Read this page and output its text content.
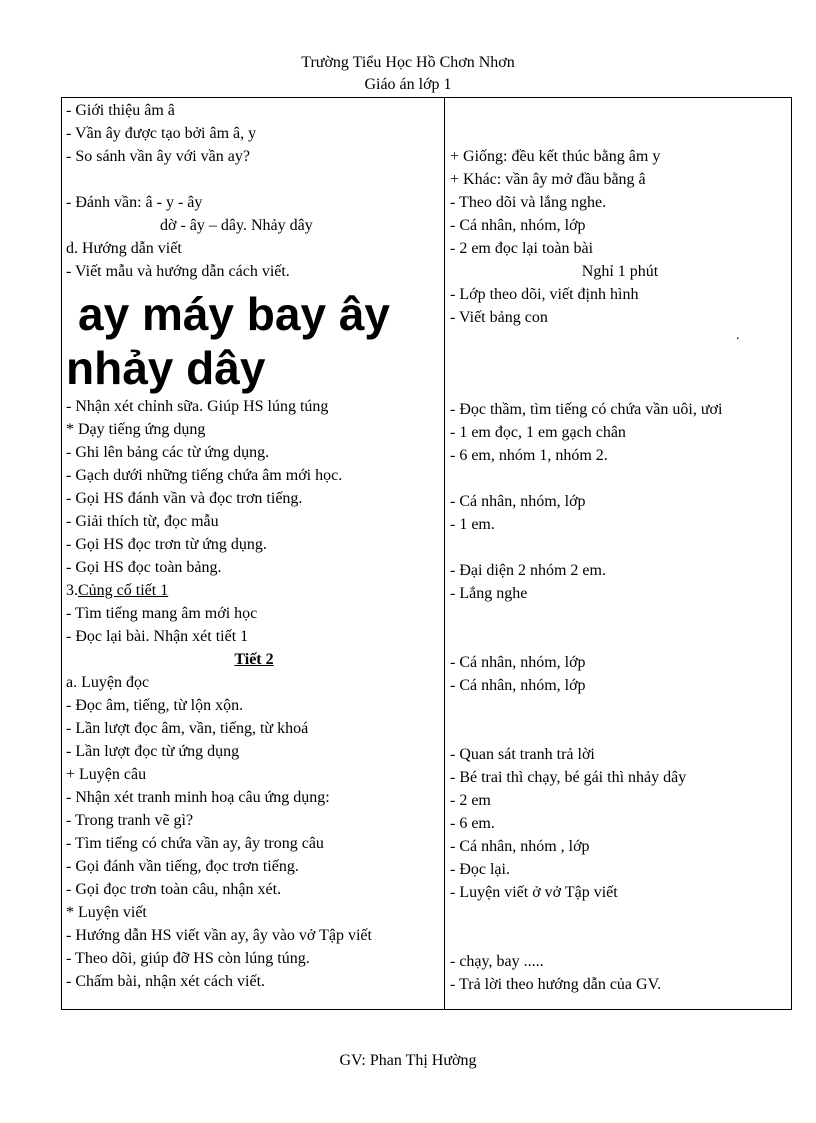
Trường Tiểu Học Hồ Chơn Nhơn
Giáo án lớp 1
- Giới thiệu âm â
- Vần ây được tạo bởi âm â, y
- So sánh vần ây với vần ay?
- Đánh vần: â - y - ây
dờ - ây – dây. Nhảy dây
d. Hướng dẫn viết
- Viết mẫu và hướng dẫn cách viết.
ay máy bay ây
nhảy dây
- Nhận xét chỉnh sữa. Giúp HS lúng túng
* Dạy tiếng ứng dụng
- Ghi lên bảng các từ ứng dụng.
- Gạch dưới những tiếng chứa âm mới học.
- Gọi HS đánh vần và đọc trơn tiếng.
- Giải thích từ, đọc mẫu
- Gọi HS đọc trơn từ ứng dụng.
- Gọi HS đọc toàn bảng.
3.Củng cố tiết 1
- Tìm tiếng mang âm mới học
- Đọc lại bài. Nhận xét tiết 1
Tiết 2
a. Luyện đọc
- Đọc âm, tiếng, từ lộn xộn.
- Lần lượt đọc âm, vần, tiếng, từ khoá
- Lần lượt đọc từ ứng dụng
+ Luyện câu
- Nhận xét tranh minh hoạ câu ứng dụng:
- Trong tranh vẽ gì?
- Tìm tiếng có chứa vần ay, ây trong câu
- Gọi đánh vần tiếng, đọc trơn tiếng.
- Gọi đọc trơn toàn câu, nhận xét.
* Luyện viết
- Hướng dẫn HS viết vần ay, ây vào vở Tập viết
- Theo dõi, giúp đỡ HS còn lúng túng.
- Chấm bài, nhận xét cách viết.
+ Giống: đều kết thúc bằng âm y
+ Khác: vần ây mở đầu bằng â
- Theo dõi và lắng nghe.
- Cá nhân, nhóm, lớp
- 2 em đọc lại toàn bài
Nghỉ 1 phút
- Lớp theo dõi, viết định hình
- Viết bảng con
- Đọc thầm, tìm tiếng có chứa vần uôi, ươi
- 1 em đọc, 1 em gạch chân
- 6 em, nhóm 1, nhóm 2.
- Cá nhân, nhóm, lớp
- 1 em.
- Đại diện 2 nhóm 2 em.
- Lắng nghe
- Cá nhân, nhóm, lớp
- Cá nhân, nhóm, lớp
- Quan sát tranh trả lời
- Bé trai thì chạy, bé gái thì nhảy dây
- 2 em
- 6 em.
- Cá nhân, nhóm , lớp
- Đọc lại.
- Luyện viết ở vở Tập viết
- chạy, bay .....
- Trả lời theo hướng dẫn của GV.
.
GV: Phan Thị Hường
